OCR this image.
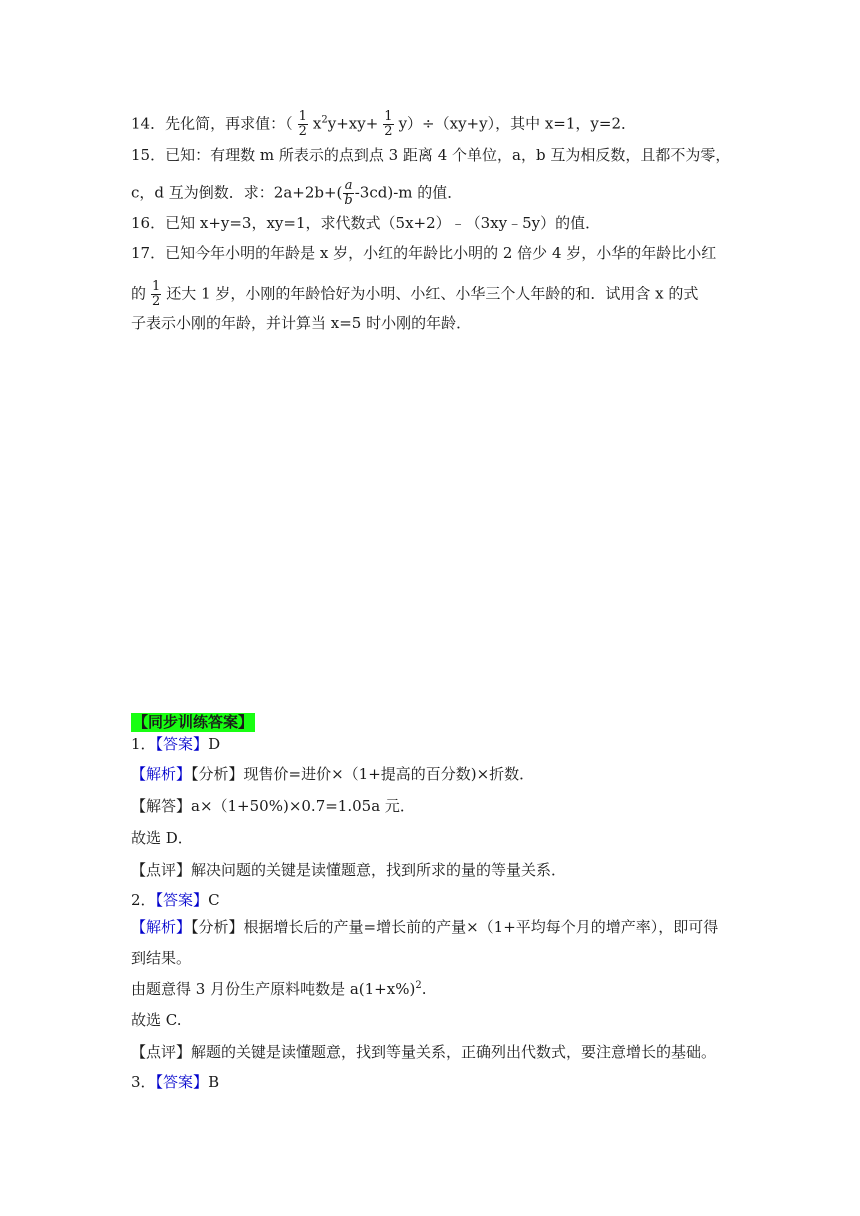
14．先化简，再求值：（ $\frac{1}{2} x^2y+xy+ \frac{1}{2} y)\div(xy+y)$，其中 x=1，y=2．
15．已知：有理数 m 所表示的点到点 3 距离 4 个单位，a，b 互为相反数，且都不为零，
c，d 互为倒数．求：$2a+2b+( \frac{a}{b} -3cd)-m$ 的值．
16．已知 x+y=3，xy=1，求代数式（5x+2）﹣（3xy﹣5y）的值．
17．已知今年小明的年龄是 x 岁，小红的年龄比小明的 2 倍少 4 岁，小华的年龄比小红
的 $\frac{1}{2}$ 还大 1 岁，小刚的年龄恰好为小明、小红、小华三个人年龄的和．试用含 x 的式
子表示小刚的年龄，并计算当 x=5 时小刚的年龄．
【同步训练答案】
1．【答案】D
【解析】【分析】现售价=进价×（1+提高的百分数)×折数．
【解答】a×（1+50%)×0.7=1.05a 元．
故选 D．
【点评】解决问题的关键是读懂题意，找到所求的量的等量关系．
2．【答案】C
【解析】【分析】根据增长后的产量=增长前的产量×（1+平均每个月的增产率），即可得
到结果。
由题意得 3 月份生产原料吨数是 $a(1+x\%)^2$.
故选 C.
【点评】解题的关键是读懂题意，找到等量关系，正确列出代数式，要注意增长的基础。
3．【答案】B
